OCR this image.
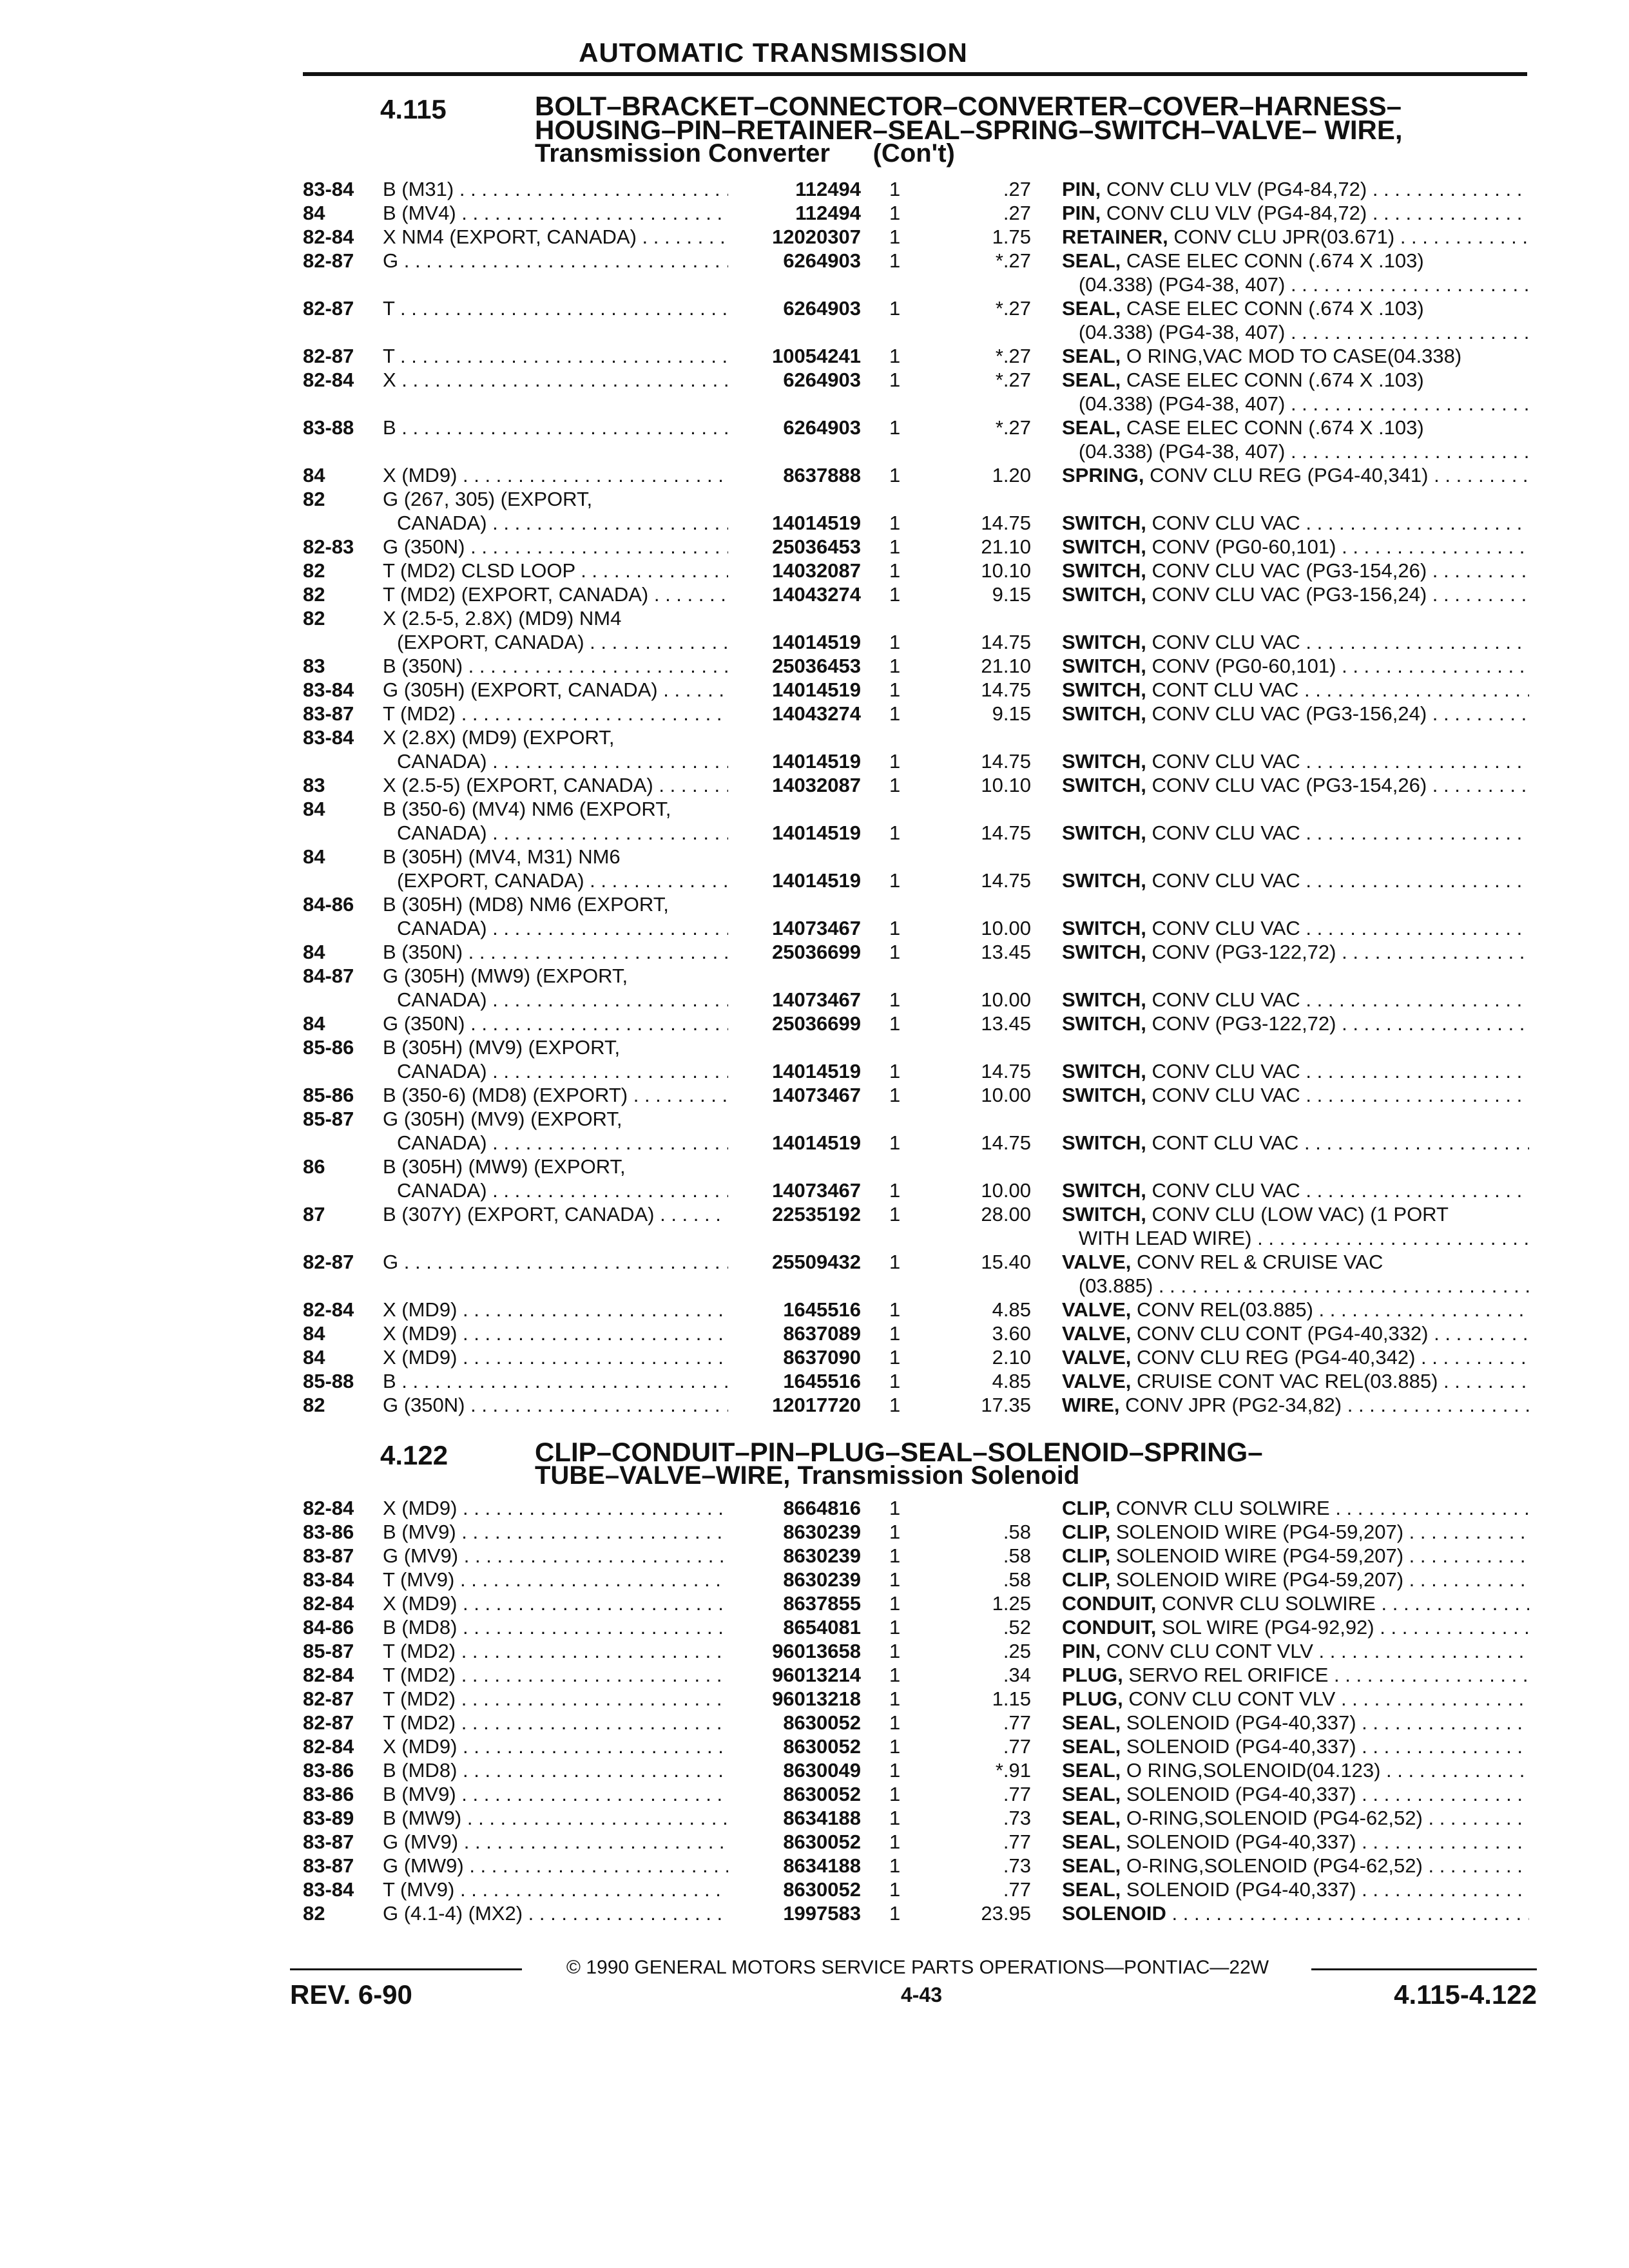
AUTOMATIC TRANSMISSION
4.115	BOLT–BRACKET–CONNECTOR–CONVERTER–COVER–HARNESS–
HOUSING–PIN–RETAINER–SEAL–SPRING–SWITCH–VALVE– WIRE,
Transmission Converter      (Con't)
83-84 B (M31) . . .	112494 1	.27 PIN, CONV CLU VLV (PG4-84,72) . . .
84	B (MV4) . . .	112494 1	.27 PIN, CONV CLU VLV (PG4-84,72) . . .
82-84 X NM4 (EXPORT, CANADA) . . .	12020307 1	1.75 RETAINER, CONV CLU JPR(03.671) . . .
82-87 G . . .	6264903 1	*.27 SEAL, CASE ELEC CONN (.674 X .103)
(04.338) (PG4-38, 407) . . .
82-87 T . . .	6264903 1	*.27 SEAL, CASE ELEC CONN (.674 X .103)
(04.338) (PG4-38, 407) . . .
82-87 T . . .	10054241 1	*.27 SEAL, O RING,VAC MOD TO CASE(04.338)
82-84 X . . .	6264903 1	*.27 SEAL, CASE ELEC CONN (.674 X .103)
(04.338) (PG4-38, 407) . . .
83-88 B . . .	6264903 1	*.27 SEAL, CASE ELEC CONN (.674 X .103)
(04.338) (PG4-38, 407) . . .
84	X (MD9) . . .	8637888 1	1.20 SPRING, CONV CLU REG (PG4-40,341) . . .
82	G (267, 305) (EXPORT,
CANADA) . . .	14014519 1	14.75 SWITCH, CONV CLU VAC . . .
82-83 G (350N) . . .	25036453 1	21.10 SWITCH, CONV (PG0-60,101) . . .
82	T (MD2) CLSD LOOP . . .	14032087 1	10.10 SWITCH, CONV CLU VAC (PG3-154,26) . . .
82	T (MD2) (EXPORT, CANADA) . . .	14043274 1	9.15 SWITCH, CONV CLU VAC (PG3-156,24) . . .
82	X (2.5-5, 2.8X) (MD9) NM4
(EXPORT, CANADA) . . .	14014519 1	14.75 SWITCH, CONV CLU VAC . . .
83	B (350N) . . .	25036453 1	21.10 SWITCH, CONV (PG0-60,101) . . .
83-84 G (305H) (EXPORT, CANADA) . . .	14014519 1	14.75 SWITCH, CONT CLU VAC . . .
83-87 T (MD2) . . .	14043274 1	9.15 SWITCH, CONV CLU VAC (PG3-156,24) . . .
83-84 X (2.8X) (MD9) (EXPORT,
CANADA) . . .	14014519 1	14.75 SWITCH, CONV CLU VAC . . .
83	X (2.5-5) (EXPORT, CANADA) . . .	14032087 1	10.10 SWITCH, CONV CLU VAC (PG3-154,26) . . .
84	B (350-6) (MV4) NM6 (EXPORT,
CANADA) . . .	14014519 1	14.75 SWITCH, CONV CLU VAC . . .
84	B (305H) (MV4, M31) NM6
(EXPORT, CANADA) . . .	14014519 1	14.75 SWITCH, CONV CLU VAC . . .
84-86 B (305H) (MD8) NM6 (EXPORT,
CANADA) . . .	14073467 1	10.00 SWITCH, CONV CLU VAC . . .
84	B (350N) . . .	25036699 1	13.45 SWITCH, CONV (PG3-122,72) . . .
84-87 G (305H) (MW9) (EXPORT,
CANADA) . . .	14073467 1	10.00 SWITCH, CONV CLU VAC . . .
84	G (350N) . . .	25036699 1	13.45 SWITCH, CONV (PG3-122,72) . . .
85-86 B (305H) (MV9) (EXPORT,
CANADA) . . .	14014519 1	14.75 SWITCH, CONV CLU VAC . . .
85-86 B (350-6) (MD8) (EXPORT) . . .	14073467 1	10.00 SWITCH, CONV CLU VAC . . .
85-87 G (305H) (MV9) (EXPORT,
CANADA) . . .	14014519 1	14.75 SWITCH, CONT CLU VAC . . .
86	B (305H) (MW9) (EXPORT,
CANADA) . . .	14073467 1	10.00 SWITCH, CONV CLU VAC . . .
87	B (307Y) (EXPORT, CANADA) . . .	22535192 1	28.00 SWITCH, CONV CLU (LOW VAC) (1 PORT
WITH LEAD WIRE) . . .
82-87 G . . .	25509432 1	15.40 VALVE, CONV REL & CRUISE VAC
(03.885) . . .
82-84 X (MD9) . . .	1645516 1	4.85 VALVE, CONV REL(03.885) . . .
84	X (MD9) . . .	8637089 1	3.60 VALVE, CONV CLU CONT (PG4-40,332) . . .
84	X (MD9) . . .	8637090 1	2.10 VALVE, CONV CLU REG (PG4-40,342) . . .
85-88 B . . .	1645516 1	4.85 VALVE, CRUISE CONT VAC REL(03.885) . . .
82	G (350N) . . .	12017720 1	17.35 WIRE, CONV JPR (PG2-34,82) . . .
4.122	CLIP–CONDUIT–PIN–PLUG–SEAL–SOLENOID–SPRING–
TUBE–VALVE–WIRE, Transmission Solenoid
82-84 X (MD9) . . .	8664816 1	CLIP, CONVR CLU SOLWIRE . . .
83-86 B (MV9) . . .	8630239 1	.58 CLIP, SOLENOID WIRE (PG4-59,207) . . .
83-87 G (MV9) . . .	8630239 1	.58 CLIP, SOLENOID WIRE (PG4-59,207) . . .
83-84 T (MV9) . . .	8630239 1	.58 CLIP, SOLENOID WIRE (PG4-59,207) . . .
82-84 X (MD9) . . .	8637855 1	1.25 CONDUIT, CONVR CLU SOLWIRE . . .
84-86 B (MD8) . . .	8654081 1	.52 CONDUIT, SOL WIRE (PG4-92,92) . . .
85-87 T (MD2) . . .	96013658 1	.25 PIN, CONV CLU CONT VLV . . .
82-84 T (MD2) . . .	96013214 1	.34 PLUG, SERVO REL ORIFICE . . .
82-87 T (MD2) . . .	96013218 1	1.15 PLUG, CONV CLU CONT VLV . . .
82-87 T (MD2) . . .	8630052 1	.77 SEAL, SOLENOID (PG4-40,337) . . .
82-84 X (MD9) . . .	8630052 1	.77 SEAL, SOLENOID (PG4-40,337) . . .
83-86 B (MD8) . . .	8630049 1	*.91 SEAL, O RING,SOLENOID(04.123) . . .
83-86 B (MV9) . . .	8630052 1	.77 SEAL, SOLENOID (PG4-40,337) . . .
83-89 B (MW9) . . .	8634188 1	.73 SEAL, O-RING,SOLENOID (PG4-62,52) . . .
83-87 G (MV9) . . .	8630052 1	.77 SEAL, SOLENOID (PG4-40,337) . . .
83-87 G (MW9) . . .	8634188 1	.73 SEAL, O-RING,SOLENOID (PG4-62,52) . . .
83-84 T (MV9) . . .	8630052 1	.77 SEAL, SOLENOID (PG4-40,337) . . .
82	G (4.1-4) (MX2) . . .	1997583 1	23.95 SOLENOID . . .
© 1990 GENERAL MOTORS SERVICE PARTS OPERATIONS—PONTIAC—22W
REV. 6-90	4-43	4.115-4.122
